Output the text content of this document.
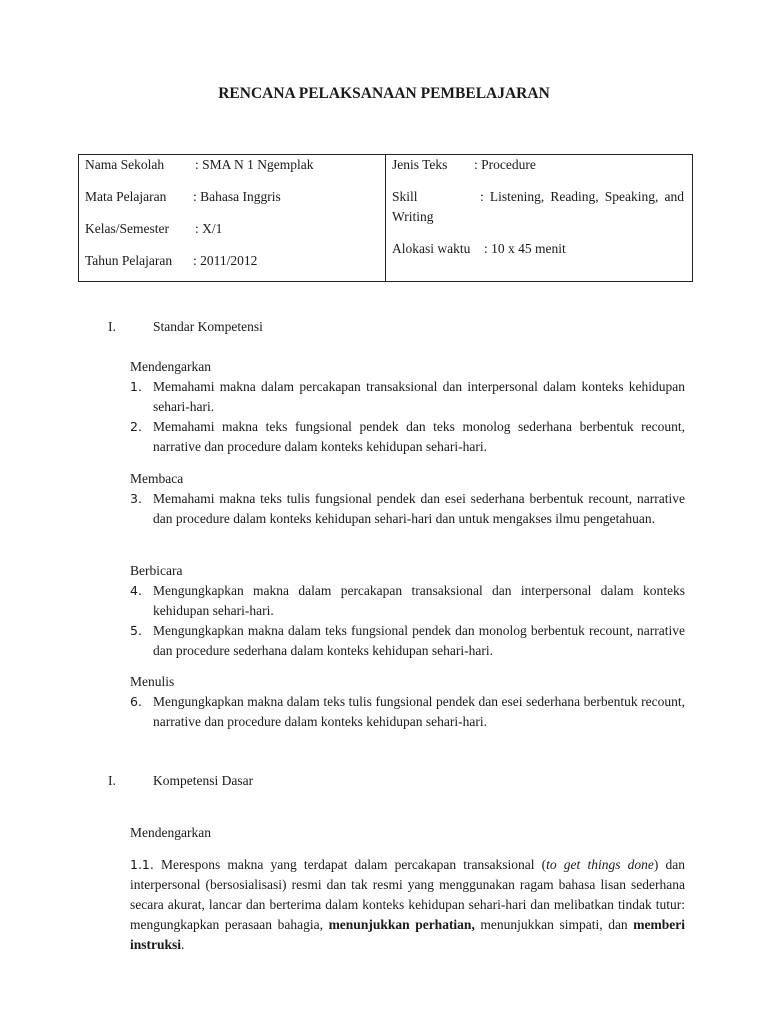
RENCANA PELAKSANAAN PEMBELAJARAN
Nama Sekolah : SMA N 1 Ngemplak
Mata Pelajaran : Bahasa Inggris
Kelas/Semester : X/1
Tahun Pelajaran : 2011/2012
Jenis Teks : Procedure
Skill	: Listening, Reading, Speaking, and Writing
Alokasi waktu : 10 x 45 menit
I.	Standar Kompetensi
Mendengarkan
1. Memahami makna dalam percakapan transaksional dan interpersonal dalam konteks kehidupan sehari-hari.
2. Memahami makna teks fungsional pendek dan teks monolog sederhana berbentuk recount, narrative dan procedure dalam konteks kehidupan sehari-hari.
Membaca
3. Memahami makna teks tulis fungsional pendek dan esei sederhana berbentuk recount, narrative dan procedure dalam konteks kehidupan sehari-hari dan untuk mengakses ilmu pengetahuan.
Berbicara
4. Mengungkapkan makna dalam percakapan transaksional dan interpersonal dalam konteks kehidupan sehari-hari.
5. Mengungkapkan makna dalam teks fungsional pendek dan monolog berbentuk recount, narrative dan procedure sederhana dalam konteks kehidupan sehari-hari.
Menulis
6. Mengungkapkan makna dalam teks tulis fungsional pendek dan esei sederhana berbentuk recount, narrative dan procedure dalam konteks kehidupan sehari-hari.
I.	Kompetensi Dasar
Mendengarkan
1.1. Merespons makna yang terdapat dalam percakapan transaksional (to get things done) dan interpersonal (bersosialisasi) resmi dan tak resmi yang menggunakan ragam bahasa lisan sederhana secara akurat, lancar dan berterima dalam konteks kehidupan sehari-hari dan melibatkan tindak tutur: mengungkapkan perasaan bahagia, menunjukkan perhatian, menunjukkan simpati, dan memberi instruksi.
